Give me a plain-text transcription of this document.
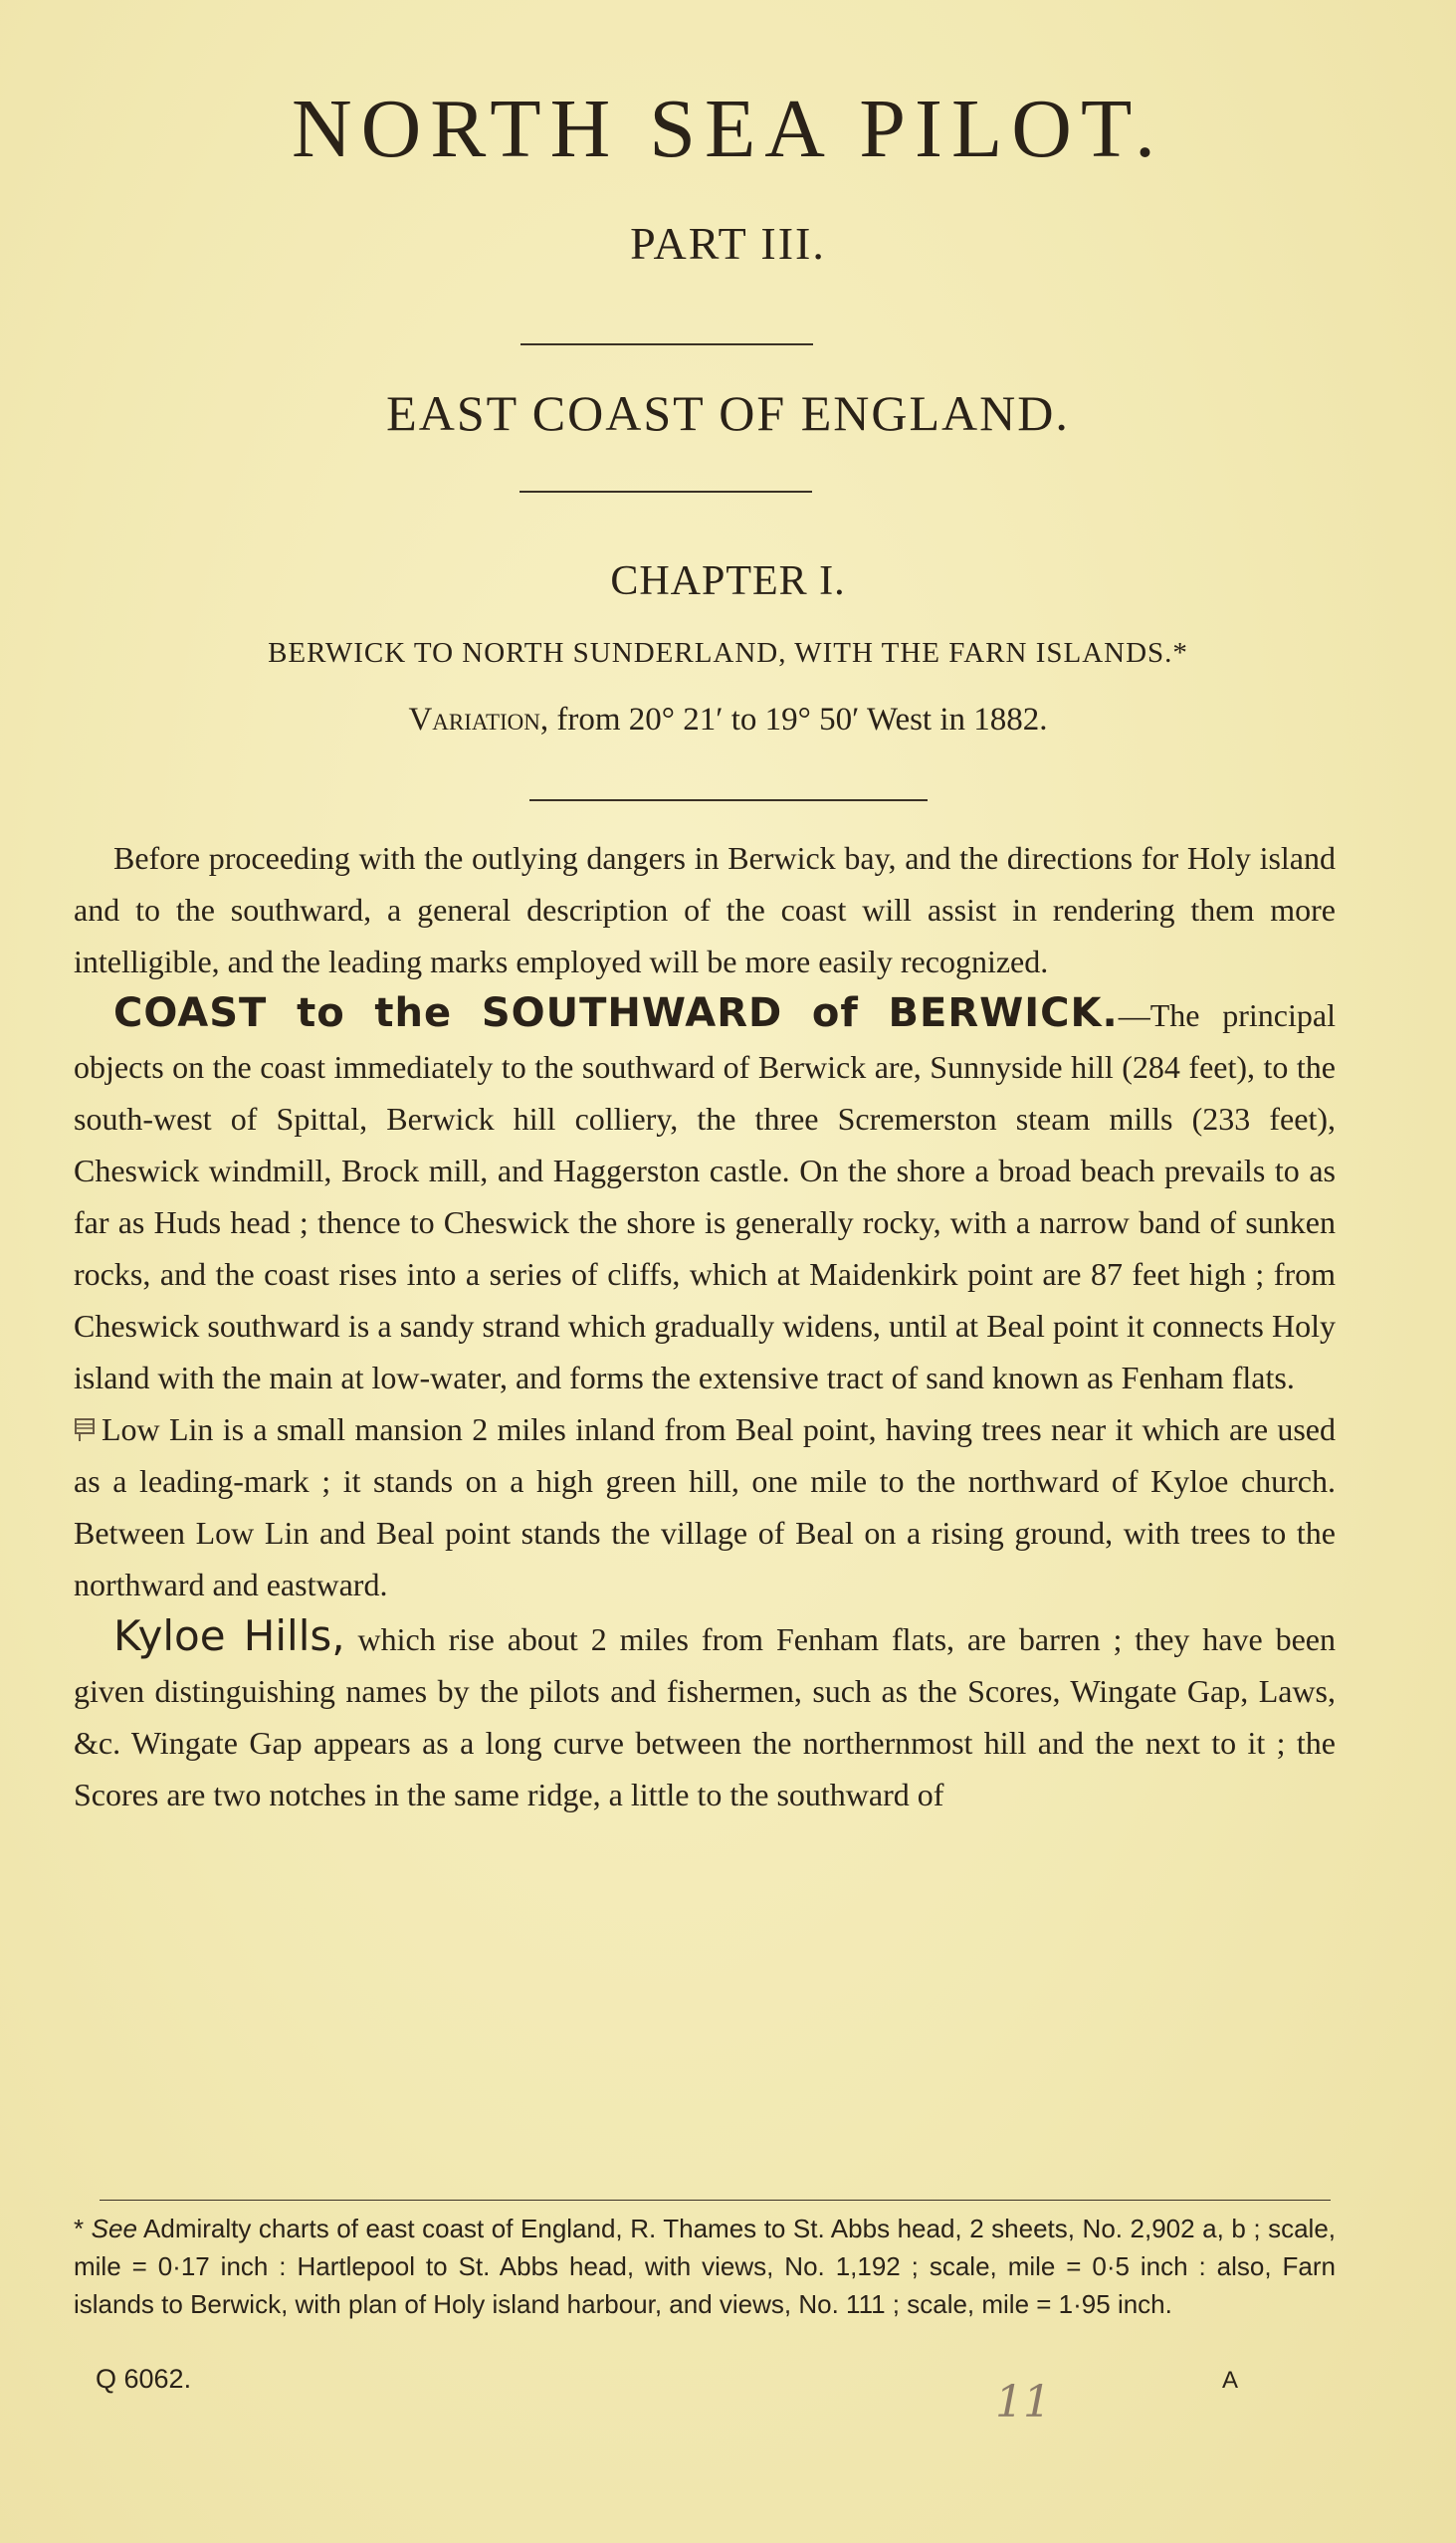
NORTH SEA PILOT.
PART III.
EAST COAST OF ENGLAND.
CHAPTER I.
BERWICK TO NORTH SUNDERLAND, WITH THE FARN ISLANDS.*
Variation, from 20° 21′ to 19° 50′ West in 1882.

Before proceeding with the outlying dangers in Berwick bay, and the directions for Holy island and to the southward, a general description of the coast will assist in rendering them more intelligible, and the leading marks employed will be more easily recognized.

COAST to the SOUTHWARD of BERWICK.—The principal objects on the coast immediately to the southward of Berwick are, Sunnyside hill (284 feet), to the south-west of Spittal, Berwick hill colliery, the three Scremerston steam mills (233 feet), Cheswick windmill, Brock mill, and Haggerston castle. On the shore a broad beach prevails to as far as Huds head ; thence to Cheswick the shore is generally rocky, with a narrow band of sunken rocks, and the coast rises into a series of cliffs, which at Maidenkirk point are 87 feet high ; from Cheswick southward is a sandy strand which gradually widens, until at Beal point it connects Holy island with the main at low-water, and forms the extensive tract of sand known as Fenham flats.

Low Lin is a small mansion 2 miles inland from Beal point, having trees near it which are used as a leading-mark ; it stands on a high green hill, one mile to the northward of Kyloe church. Between Low Lin and Beal point stands the village of Beal on a rising ground, with trees to the northward and eastward.

Kyloe Hills, which rise about 2 miles from Fenham flats, are barren ; they have been given distinguishing names by the pilots and fishermen, such as the Scores, Wingate Gap, Laws, &c. Wingate Gap appears as a long curve between the northernmost hill and the next to it ; the Scores are two notches in the same ridge, a little to the southward of

* See Admiralty charts of east coast of England, R. Thames to St. Abbs head, 2 sheets, No. 2,902 a, b ; scale, mile = 0·17 inch : Hartlepool to St. Abbs head, with views, No. 1,192 ; scale, mile = 0·5 inch : also, Farn islands to Berwick, with plan of Holy island harbour, and views, No. 111 ; scale, mile = 1·95 inch.
Q 6062.	11	A
